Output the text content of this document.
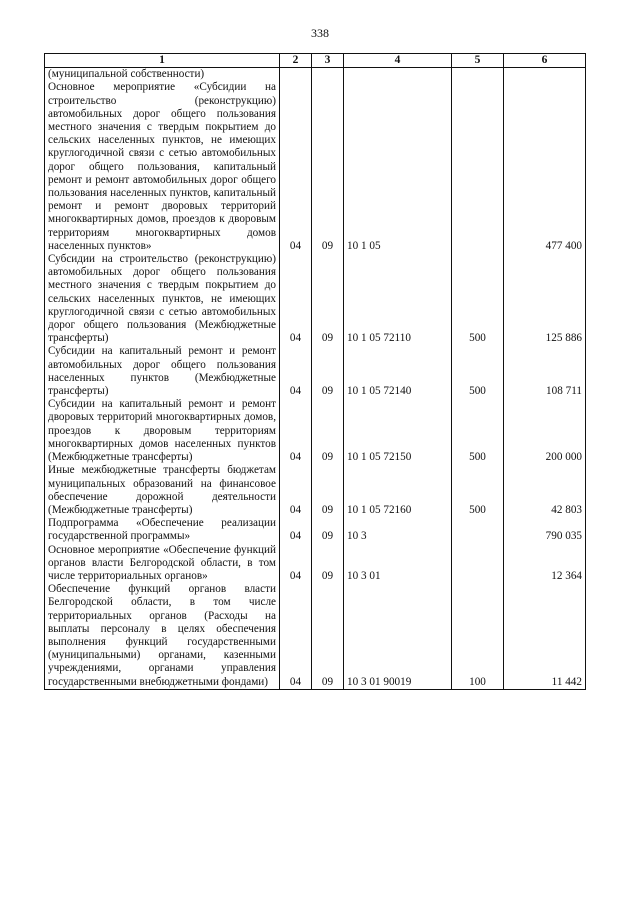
338
1	2	3	4	5	6

(муниципальной собственности)
Основное мероприятие «Субсидии на строительство (реконструкцию) автомобильных дорог общего пользования местного значения с твердым покрытием до сельских населенных пунктов, не имеющих круглогодичной связи с сетью автомобильных дорог общего пользования, капитальный ремонт и ремонт автомобильных дорог общего пользования населенных пунктов, капитальный ремонт и ремонт дворовых территорий многоквартирных домов, проездов к дворовым территориям многоквартирных домов населенных пунктов»	04	09	10 1 05		477 400
Субсидии на строительство (реконструкцию) автомобильных дорог общего пользования местного значения с твердым покрытием до сельских населенных пунктов, не имеющих круглогодичной связи с сетью автомобильных дорог общего пользования (Межбюджетные трансферты)	04	09	10 1 05 72110	500	125 886
Субсидии на капитальный ремонт и ремонт автомобильных дорог общего пользования населенных пунктов (Межбюджетные трансферты)	04	09	10 1 05 72140	500	108 711
Субсидии на капитальный ремонт и ремонт дворовых территорий многоквартирных домов, проездов к дворовым территориям многоквартирных домов населенных пунктов (Межбюджетные трансферты)	04	09	10 1 05 72150	500	200 000
Иные межбюджетные трансферты бюджетам муниципальных образований на финансовое обеспечение дорожной деятельности (Межбюджетные трансферты)	04	09	10 1 05 72160	500	42 803
Подпрограмма «Обеспечение реализации государственной программы»	04	09	10 3		790 035
Основное мероприятие «Обеспечение функций органов власти Белгородской области, в том числе территориальных органов»	04	09	10 3 01		12 364
Обеспечение функций органов власти Белгородской области, в том числе территориальных органов (Расходы на выплаты персоналу в целях обеспечения выполнения функций государственными (муниципальными) органами, казенными учреждениями, органами управления государственными внебюджетными фондами)	04	09	10 3 01 90019	100	11 442
